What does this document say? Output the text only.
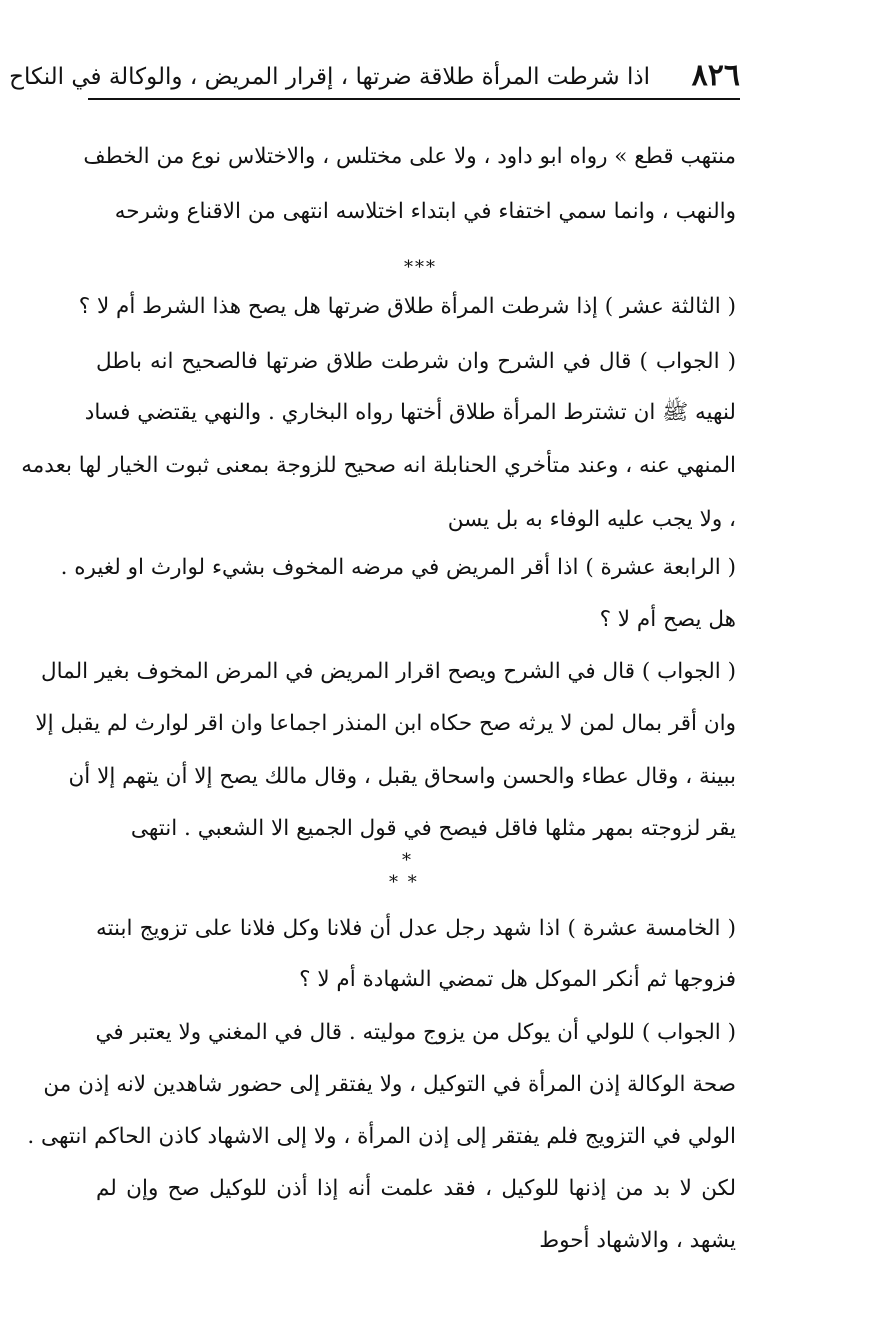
٨٢٦
اذا شرطت المرأة طلاقة ضرتها ، إقرار المريض ، والوكالة في النكاح
منتهب قطع » رواه ابو داود ، ولا على مختلس ، والاختلاس نوع من الخطف
والنهب ، وانما سمي اختفاء في ابتداء اختلاسه انتهى من الاقناع وشرحه
***
( الثالثة عشر ) إذا شرطت المرأة طلاق ضرتها هل يصح هذا الشرط أم لا ؟
( الجواب ) قال في الشرح وان شرطت طلاق ضرتها فالصحيح انه باطل
لنهيه ﷺ ان تشترط المرأة طلاق أختها رواه البخاري . والنهي يقتضي فساد
المنهي عنه ، وعند متأخري الحنابلة انه صحيح للزوجة بمعنى ثبوت الخيار لها بعدمه
، ولا يجب عليه الوفاء به بل يسن
( الرابعة عشرة ) اذا أقر المريض في مرضه المخوف بشيء لوارث او لغيره .
هل يصح أم لا ؟
( الجواب ) قال في الشرح ويصح اقرار المريض في المرض المخوف بغير المال
وان أقر بمال لمن لا يرثه صح حكاه ابن المنذر اجماعا وان اقر لوارث لم يقبل إلا
ببينة ، وقال عطاء والحسن واسحاق يقبل ، وقال مالك يصح إلا أن يتهم إلا أن
يقر لزوجته بمهر مثلها فاقل فيصح في قول الجميع الا الشعبي . انتهى
*
* *
( الخامسة عشرة ) اذا شهد رجل عدل أن فلانا وكل فلانا على تزويج ابنته
فزوجها ثم أنكر الموكل هل تمضي الشهادة أم لا ؟
( الجواب ) للولي أن يوكل من يزوج موليته . قال في المغني ولا يعتبر في
صحة الوكالة إذن المرأة في التوكيل ، ولا يفتقر إلى حضور شاهدين لانه إذن من
الولي في التزويج فلم يفتقر إلى إذن المرأة ، ولا إلى الاشهاد كاذن الحاكم انتهى .
لكن لا بد من إذنها للوكيل ، فقد علمت أنه إذا أذن للوكيل صح وإن لم
يشهد ، والاشهاد أحوط
